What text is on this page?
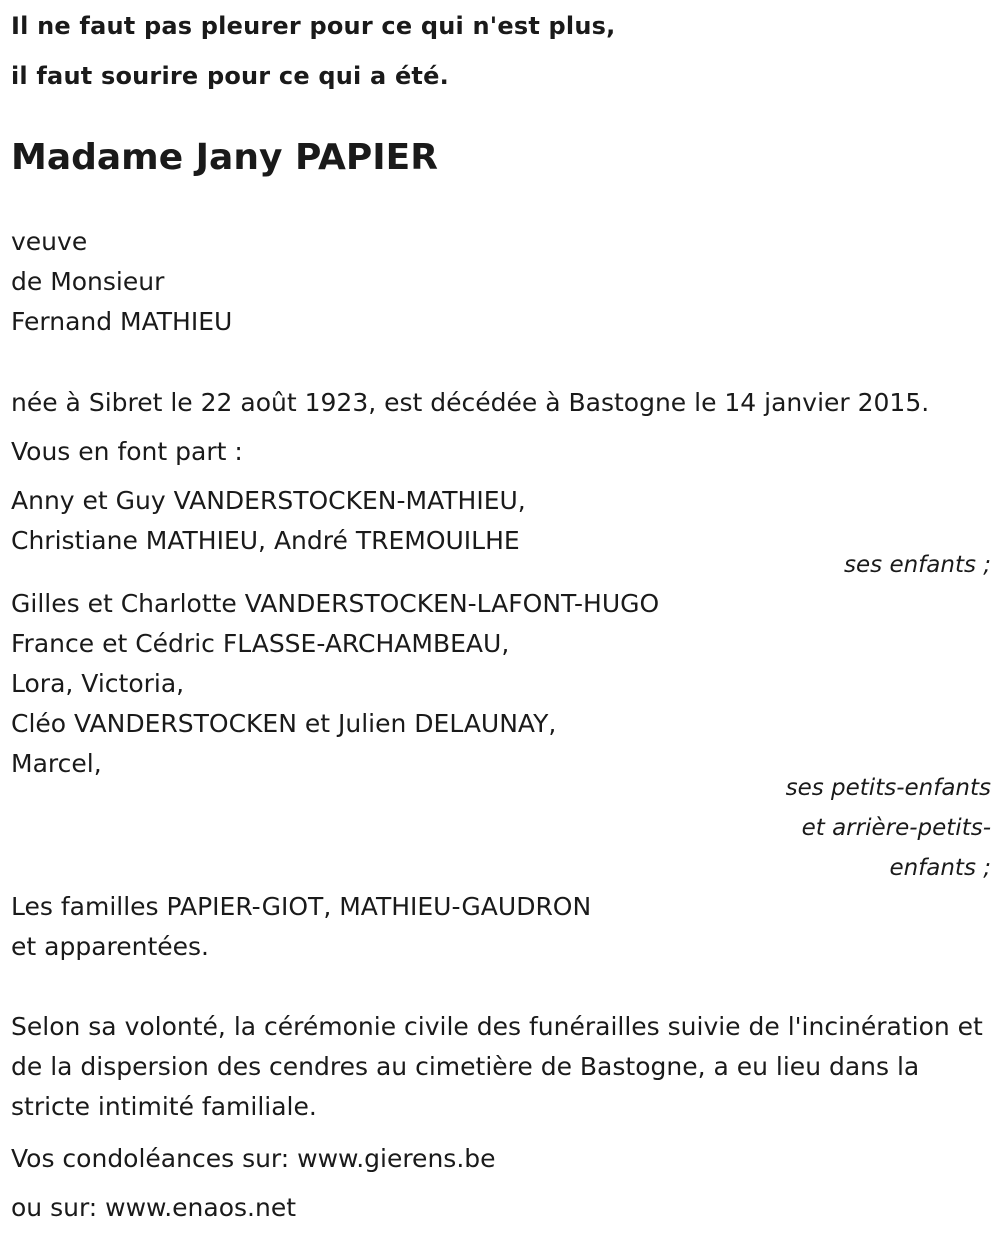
Il ne faut pas pleurer pour ce qui n'est plus,

il faut sourire pour ce qui a été.

Madame Jany PAPIER

veuve

de Monsieur

Fernand MATHIEU

née à Sibret le 22 août 1923, est décédée à Bastogne le 14 janvier 2015.

Vous en font part :

Anny et Guy VANDERSTOCKEN-MATHIEU,

Christiane MATHIEU, André TREMOUILHE

ses enfants ;

Gilles et Charlotte VANDERSTOCKEN-LAFONT-HUGO

France et Cédric FLASSE-ARCHAMBEAU,

Lora, Victoria,

Cléo VANDERSTOCKEN et Julien DELAUNAY,

Marcel,

ses petits-enfants
et arrière-petits-
enfants ;

Les familles PAPIER-GIOT, MATHIEU-GAUDRON

et apparentées.

Selon sa volonté, la cérémonie civile des funérailles suivie de l'incinération et de la dispersion des cendres au cimetière de Bastogne, a eu lieu dans la stricte intimité familiale.

Vos condoléances sur: www.gierens.be

ou sur: www.enaos.net
